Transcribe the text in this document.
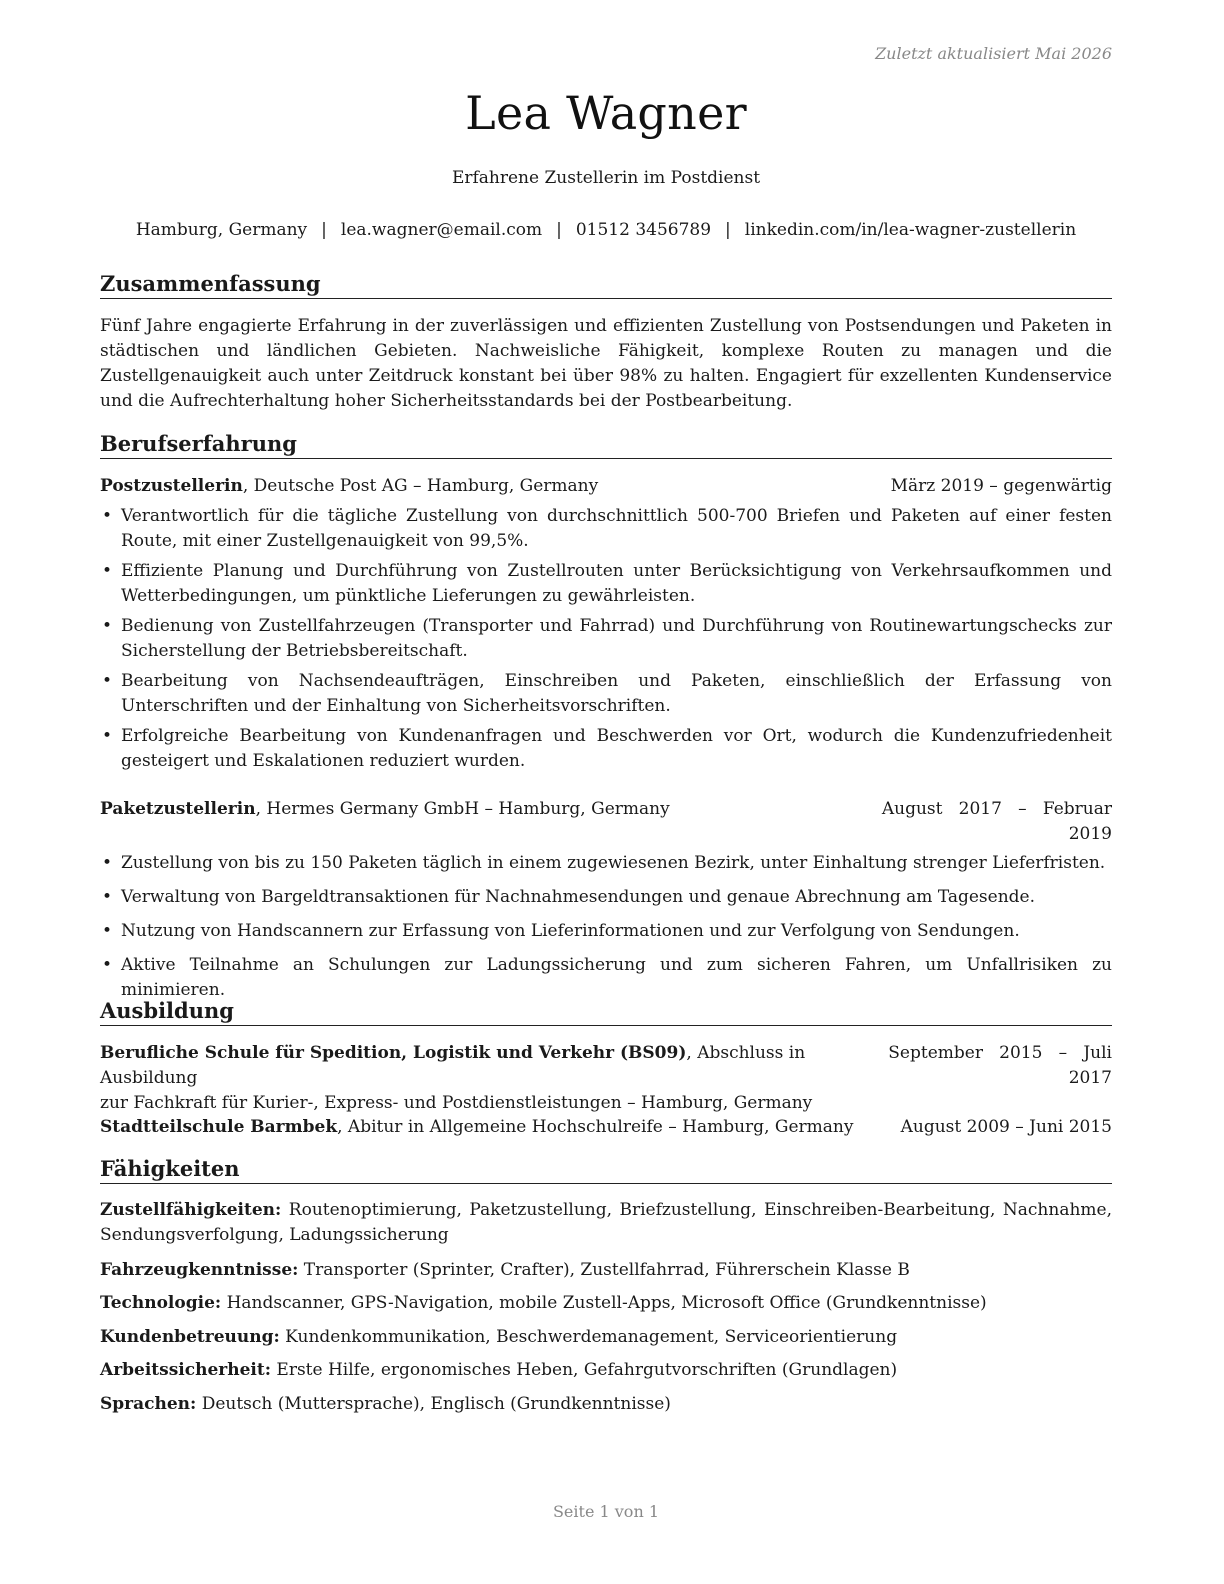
Zuletzt aktualisiert Mai 2026
Lea Wagner
Erfahrene Zustellerin im Postdienst
Hamburg, Germany | lea.wagner@email.com | 01512 3456789 | linkedin.com/in/lea-wagner-zustellerin
Zusammenfassung
Fünf Jahre engagierte Erfahrung in der zuverlässigen und effizienten Zustellung von Postsendungen und Paketen in städtischen und ländlichen Gebieten. Nachweisliche Fähigkeit, komplexe Routen zu managen und die Zustellgenauigkeit auch unter Zeitdruck konstant bei über 98% zu halten. Engagiert für exzellenten Kundenservice und die Aufrechterhaltung hoher Sicherheitsstandards bei der Postbearbeitung.
Berufserfahrung
Postzustellerin, Deutsche Post AG – Hamburg, Germany	März 2019 – gegenwärtig
• Verantwortlich für die tägliche Zustellung von durchschnittlich 500-700 Briefen und Paketen auf einer festen Route, mit einer Zustellgenauigkeit von 99,5%.
• Effiziente Planung und Durchführung von Zustellrouten unter Berücksichtigung von Verkehrsaufkommen und Wetterbedingungen, um pünktliche Lieferungen zu gewährleisten.
• Bedienung von Zustellfahrzeugen (Transporter und Fahrrad) und Durchführung von Routinewartungschecks zur Sicherstellung der Betriebsbereitschaft.
• Bearbeitung von Nachsendeaufträgen, Einschreiben und Paketen, einschließlich der Erfassung von Unterschriften und der Einhaltung von Sicherheitsvorschriften.
• Erfolgreiche Bearbeitung von Kundenanfragen und Beschwerden vor Ort, wodurch die Kundenzufriedenheit gesteigert und Eskalationen reduziert wurden.
Paketzustellerin, Hermes Germany GmbH – Hamburg, Germany	August   2017   –   Februar
2019
• Zustellung von bis zu 150 Paketen täglich in einem zugewiesenen Bezirk, unter Einhaltung strenger Lieferfristen.
• Verwaltung von Bargeldtransaktionen für Nachnahmesendungen und genaue Abrechnung am Tagesende.
• Nutzung von Handscannern zur Erfassung von Lieferinformationen und zur Verfolgung von Sendungen.
• Aktive Teilnahme an Schulungen zur Ladungssicherung und zum sicheren Fahren, um Unfallrisiken zu minimieren.
Ausbildung
Berufliche Schule für Spedition, Logistik und Verkehr (BS09), Abschluss in Ausbildung
zur Fachkraft für Kurier-, Express- und Postdienstleistungen – Hamburg, Germany
September   2015   –   Juli
2017
Stadtteilschule Barmbek, Abitur in Allgemeine Hochschulreife – Hamburg, Germany	August 2009 – Juni 2015
Fähigkeiten
Zustellfähigkeiten: Routenoptimierung, Paketzustellung, Briefzustellung, Einschreiben-Bearbeitung, Nachnahme, Sendungsverfolgung, Ladungssicherung
Fahrzeugkenntnisse: Transporter (Sprinter, Crafter), Zustellfahrrad, Führerschein Klasse B
Technologie: Handscanner, GPS-Navigation, mobile Zustell-Apps, Microsoft Office (Grundkenntnisse)
Kundenbetreuung: Kundenkommunikation, Beschwerdemanagement, Serviceorientierung
Arbeitssicherheit: Erste Hilfe, ergonomisches Heben, Gefahrgutvorschriften (Grundlagen)
Sprachen: Deutsch (Muttersprache), Englisch (Grundkenntnisse)
Seite 1 von 1
